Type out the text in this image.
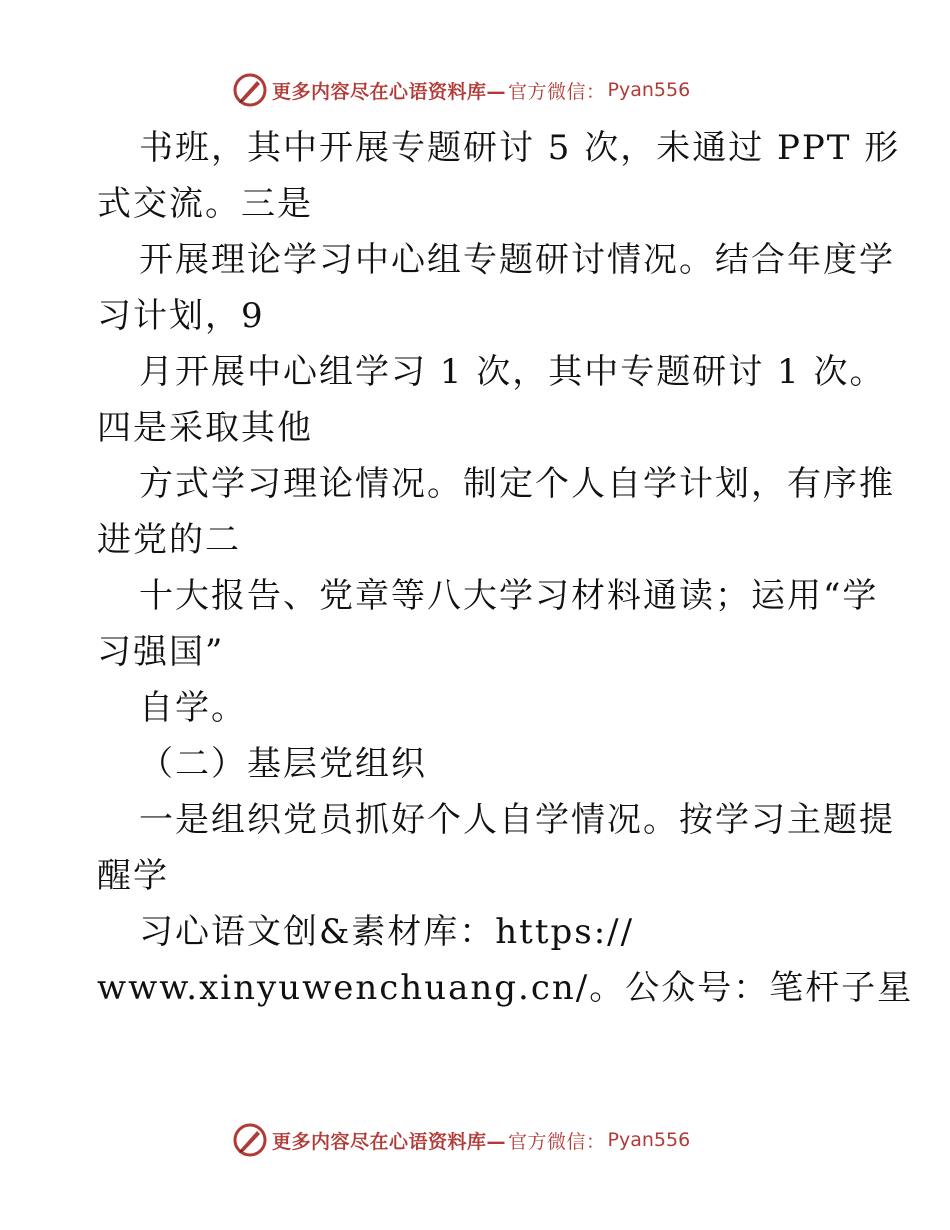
更多内容尽在心语资料库— 官方微信： Pyan556
书班，其中开展专题研讨 5 次，未通过 PPT 形
式交流。三是
开展理论学习中心组专题研讨情况。结合年度学
习计划，9
月开展中心组学习 1 次，其中专题研讨 1 次。
四是采取其他
方式学习理论情况。制定个人自学计划，有序推
进党的二
十大报告、党章等八大学习材料通读；运用“学
习强国”
自学。
（二）基层党组织
一是组织党员抓好个人自学情况。按学习主题提
醒学
习心语文创&素材库：https://
www.xinyuwenchuang.cn/。公众号：笔杆子星
更多内容尽在心语资料库— 官方微信： Pyan556
